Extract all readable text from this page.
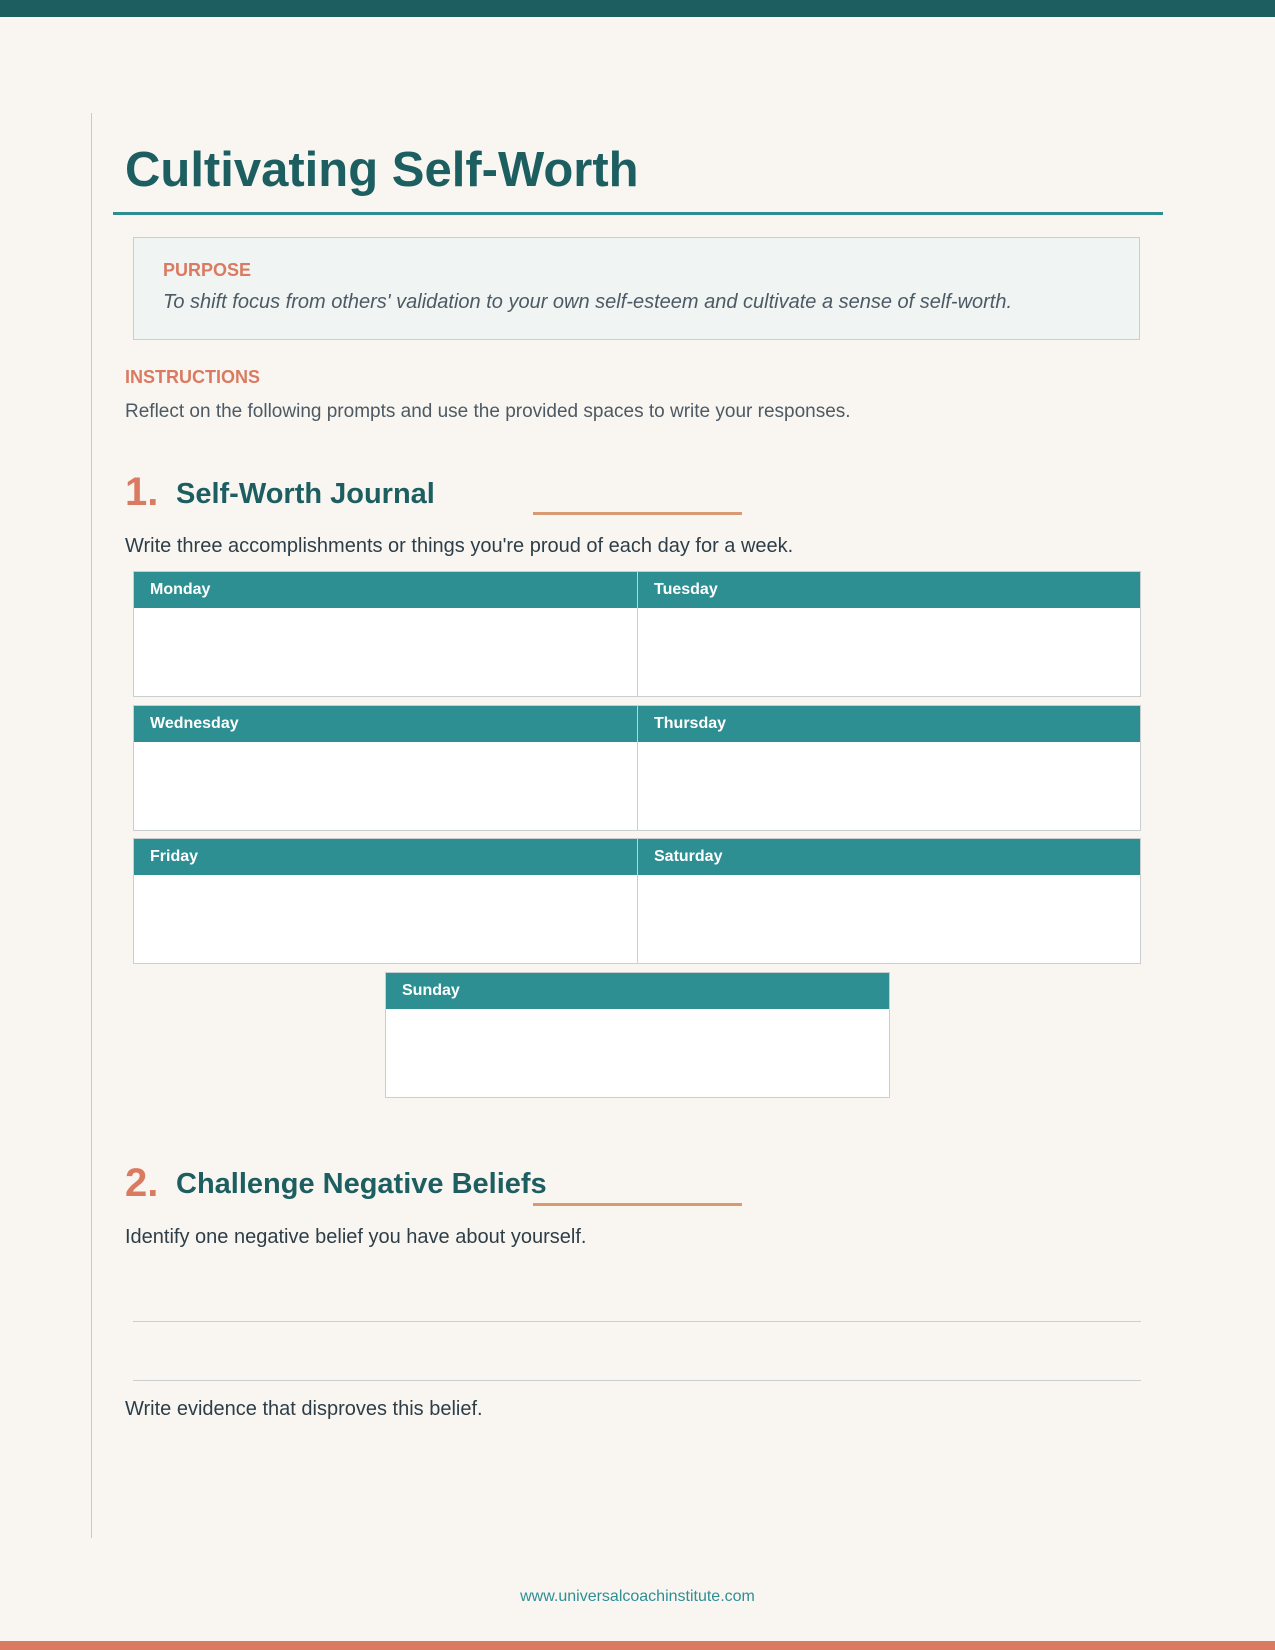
Cultivating Self-Worth
PURPOSE
To shift focus from others' validation to your own self-esteem and cultivate a sense of self-worth.
INSTRUCTIONS
Reflect on the following prompts and use the provided spaces to write your responses.
1. Self-Worth Journal
Write three accomplishments or things you're proud of each day for a week.
Monday	Tuesday
Wednesday	Thursday
Friday	Saturday
Sunday
2. Challenge Negative Beliefs
Identify one negative belief you have about yourself.
Write evidence that disproves this belief.
www.universalcoachinstitute.com
